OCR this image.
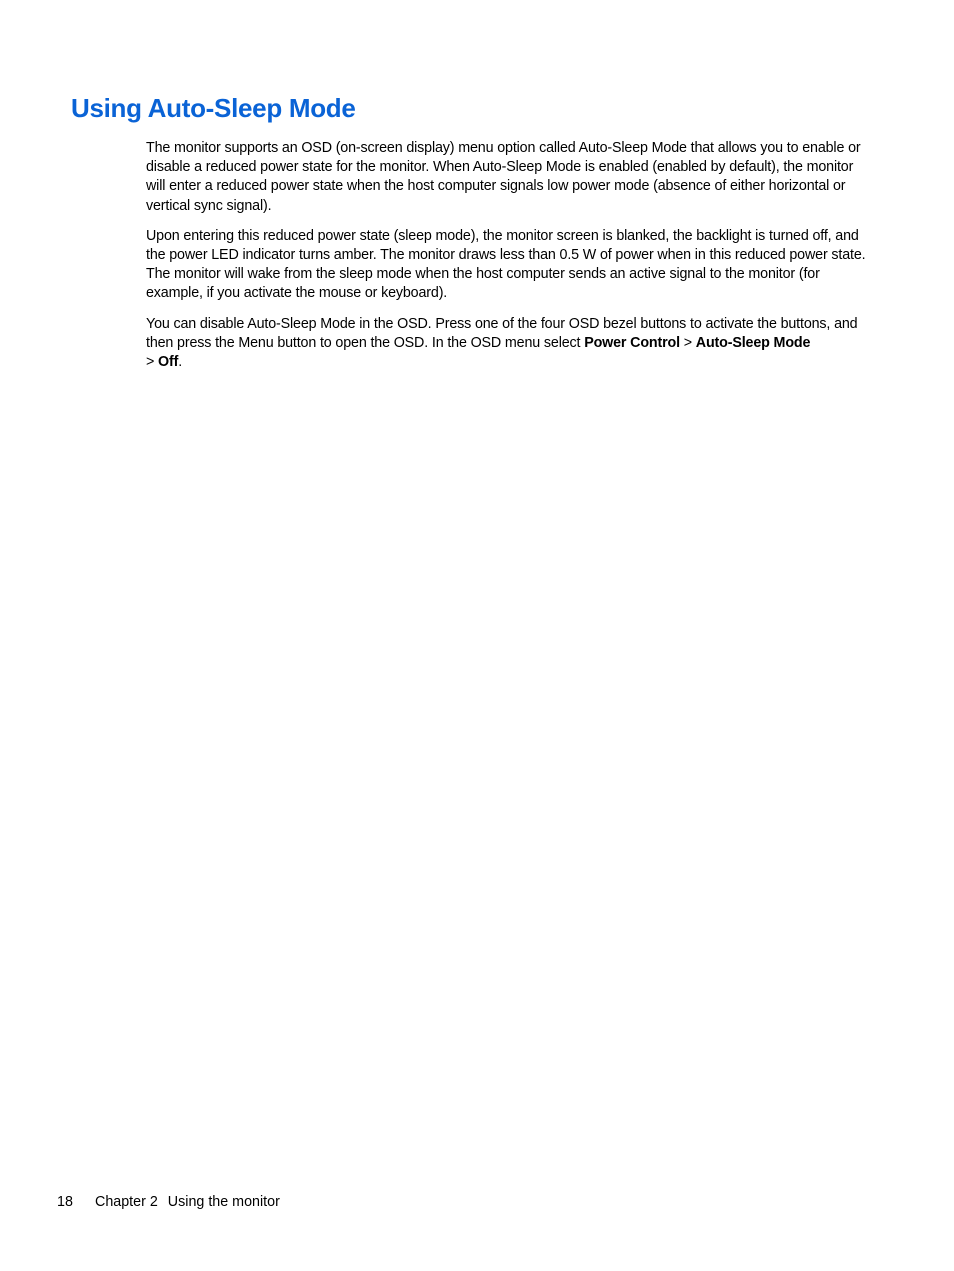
Using Auto-Sleep Mode

The monitor supports an OSD (on-screen display) menu option called Auto-Sleep Mode that allows you to enable or disable a reduced power state for the monitor. When Auto-Sleep Mode is enabled (enabled by default), the monitor will enter a reduced power state when the host computer signals low power mode (absence of either horizontal or vertical sync signal).

Upon entering this reduced power state (sleep mode), the monitor screen is blanked, the backlight is turned off, and the power LED indicator turns amber. The monitor draws less than 0.5 W of power when in this reduced power state. The monitor will wake from the sleep mode when the host computer sends an active signal to the monitor (for example, if you activate the mouse or keyboard).

You can disable Auto-Sleep Mode in the OSD. Press one of the four OSD bezel buttons to activate the buttons, and then press the Menu button to open the OSD. In the OSD menu select Power Control > Auto-Sleep Mode
> Off.

18 Chapter 2 Using the monitor
